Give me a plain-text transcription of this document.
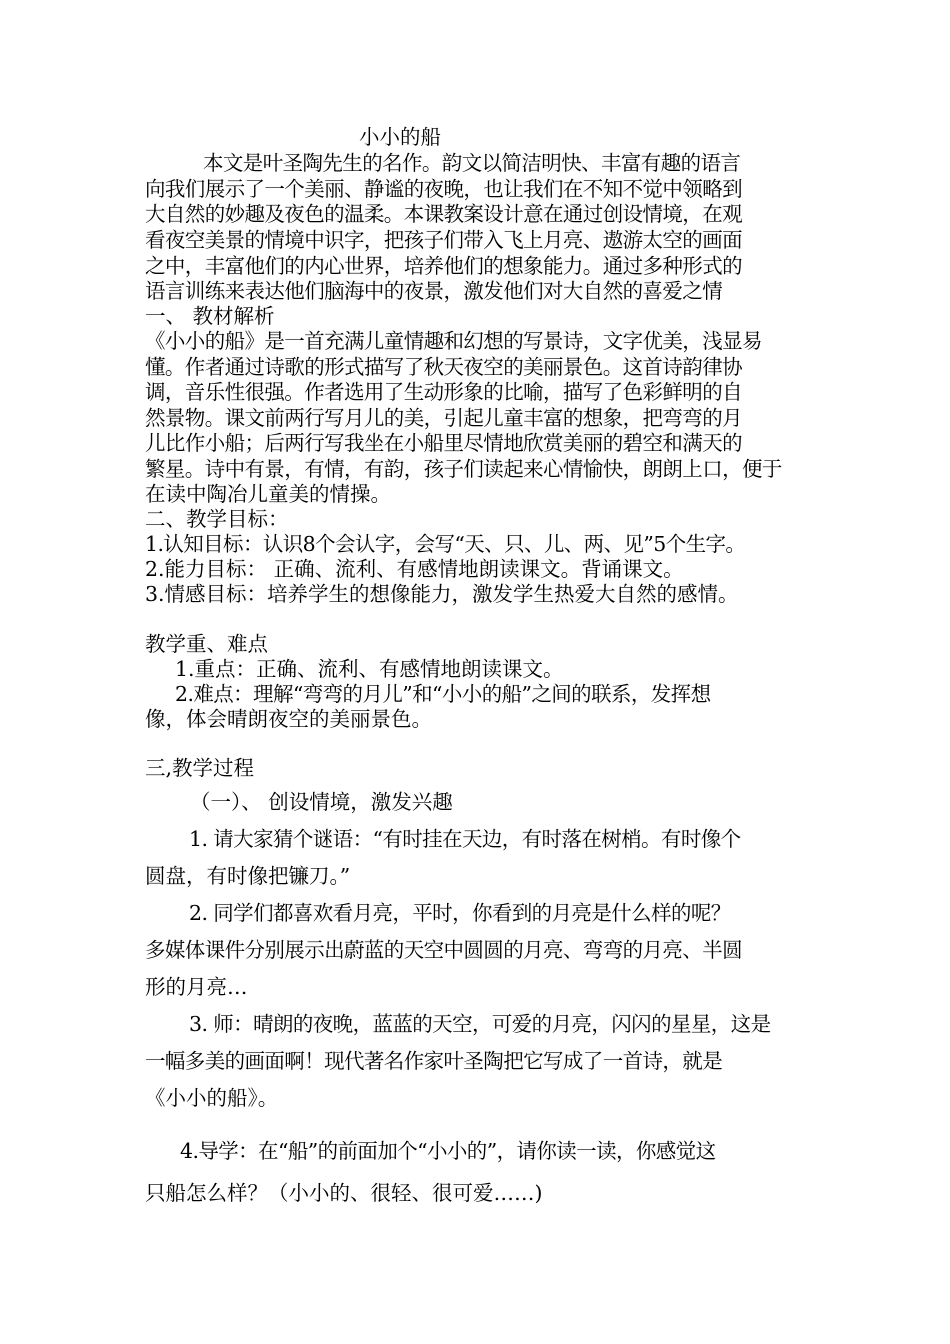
小小的船
本文是叶圣陶先生的名作。韵文以简洁明快、丰富有趣的语言
向我们展示了一个美丽、静谧的夜晚，也让我们在不知不觉中领略到
大自然的妙趣及夜色的温柔。本课教案设计意在通过创设情境，在观
看夜空美景的情境中识字，把孩子们带入飞上月亮、遨游太空的画面
之中，丰富他们的内心世界，培养他们的想象能力。通过多种形式的
语言训练来表达他们脑海中的夜景，激发他们对大自然的喜爱之情
一、 教材解析
《小小的船》是一首充满儿童情趣和幻想的写景诗，文字优美，浅显易
懂。作者通过诗歌的形式描写了秋天夜空的美丽景色。这首诗韵律协
调，音乐性很强。作者选用了生动形象的比喻，描写了色彩鲜明的自
然景物。课文前两行写月儿的美，引起儿童丰富的想象，把弯弯的月
儿比作小船；后两行写我坐在小船里尽情地欣赏美丽的碧空和满天的
繁星。诗中有景，有情，有韵，孩子们读起来心情愉快，朗朗上口，便于
在读中陶冶儿童美的情操。
二、教学目标：
1.认知目标：认识8个会认字，会写“天、只、儿、两、见”5个生字。
2.能力目标： 正确、流利、有感情地朗读课文。背诵课文。
3.情感目标：培养学生的想像能力，激发学生热爱大自然的感情。
教学重、难点
1.重点：正确、流利、有感情地朗读课文。
2.难点：理解“弯弯的月儿”和“小小的船”之间的联系，发挥想
像，体会晴朗夜空的美丽景色。
三,教学过程
（一）、 创设情境，激发兴趣
1. 请大家猜个谜语：“有时挂在天边，有时落在树梢。有时像个
圆盘，有时像把镰刀。”
2. 同学们都喜欢看月亮，平时，你看到的月亮是什么样的呢？
多媒体课件分别展示出蔚蓝的天空中圆圆的月亮、弯弯的月亮、半圆
形的月亮…
3. 师：晴朗的夜晚，蓝蓝的天空，可爱的月亮，闪闪的星星，这是
一幅多美的画面啊！现代著名作家叶圣陶把它写成了一首诗，就是
《小小的船》。
4.导学：在“船”的前面加个“小小的”，请你读一读，你感觉这
只船怎么样？（小小的、很轻、很可爱……)
